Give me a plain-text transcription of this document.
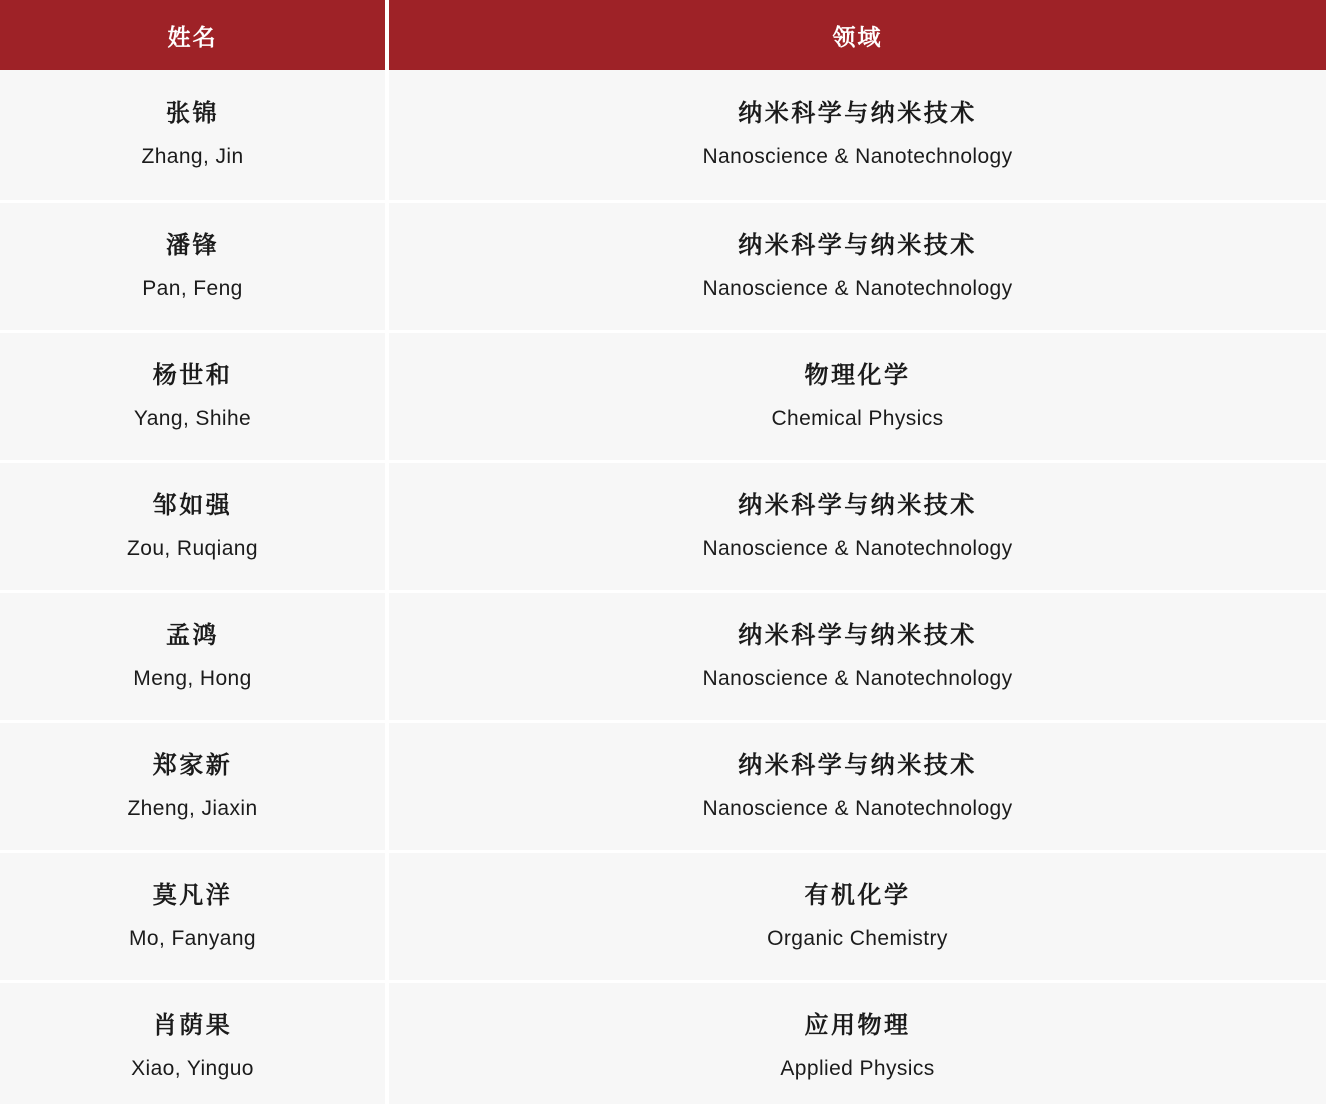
姓名	领域
张锦
Zhang, Jin
纳米科学与纳米技术
Nanoscience & Nanotechnology
潘锋
Pan, Feng
纳米科学与纳米技术
Nanoscience & Nanotechnology
杨世和
Yang, Shihe
物理化学
Chemical Physics
邹如强
Zou, Ruqiang
纳米科学与纳米技术
Nanoscience & Nanotechnology
孟鸿
Meng, Hong
纳米科学与纳米技术
Nanoscience & Nanotechnology
郑家新
Zheng, Jiaxin
纳米科学与纳米技术
Nanoscience & Nanotechnology
莫凡洋
Mo, Fanyang
有机化学
Organic Chemistry
肖荫果
Xiao, Yinguo
应用物理
Applied Physics
